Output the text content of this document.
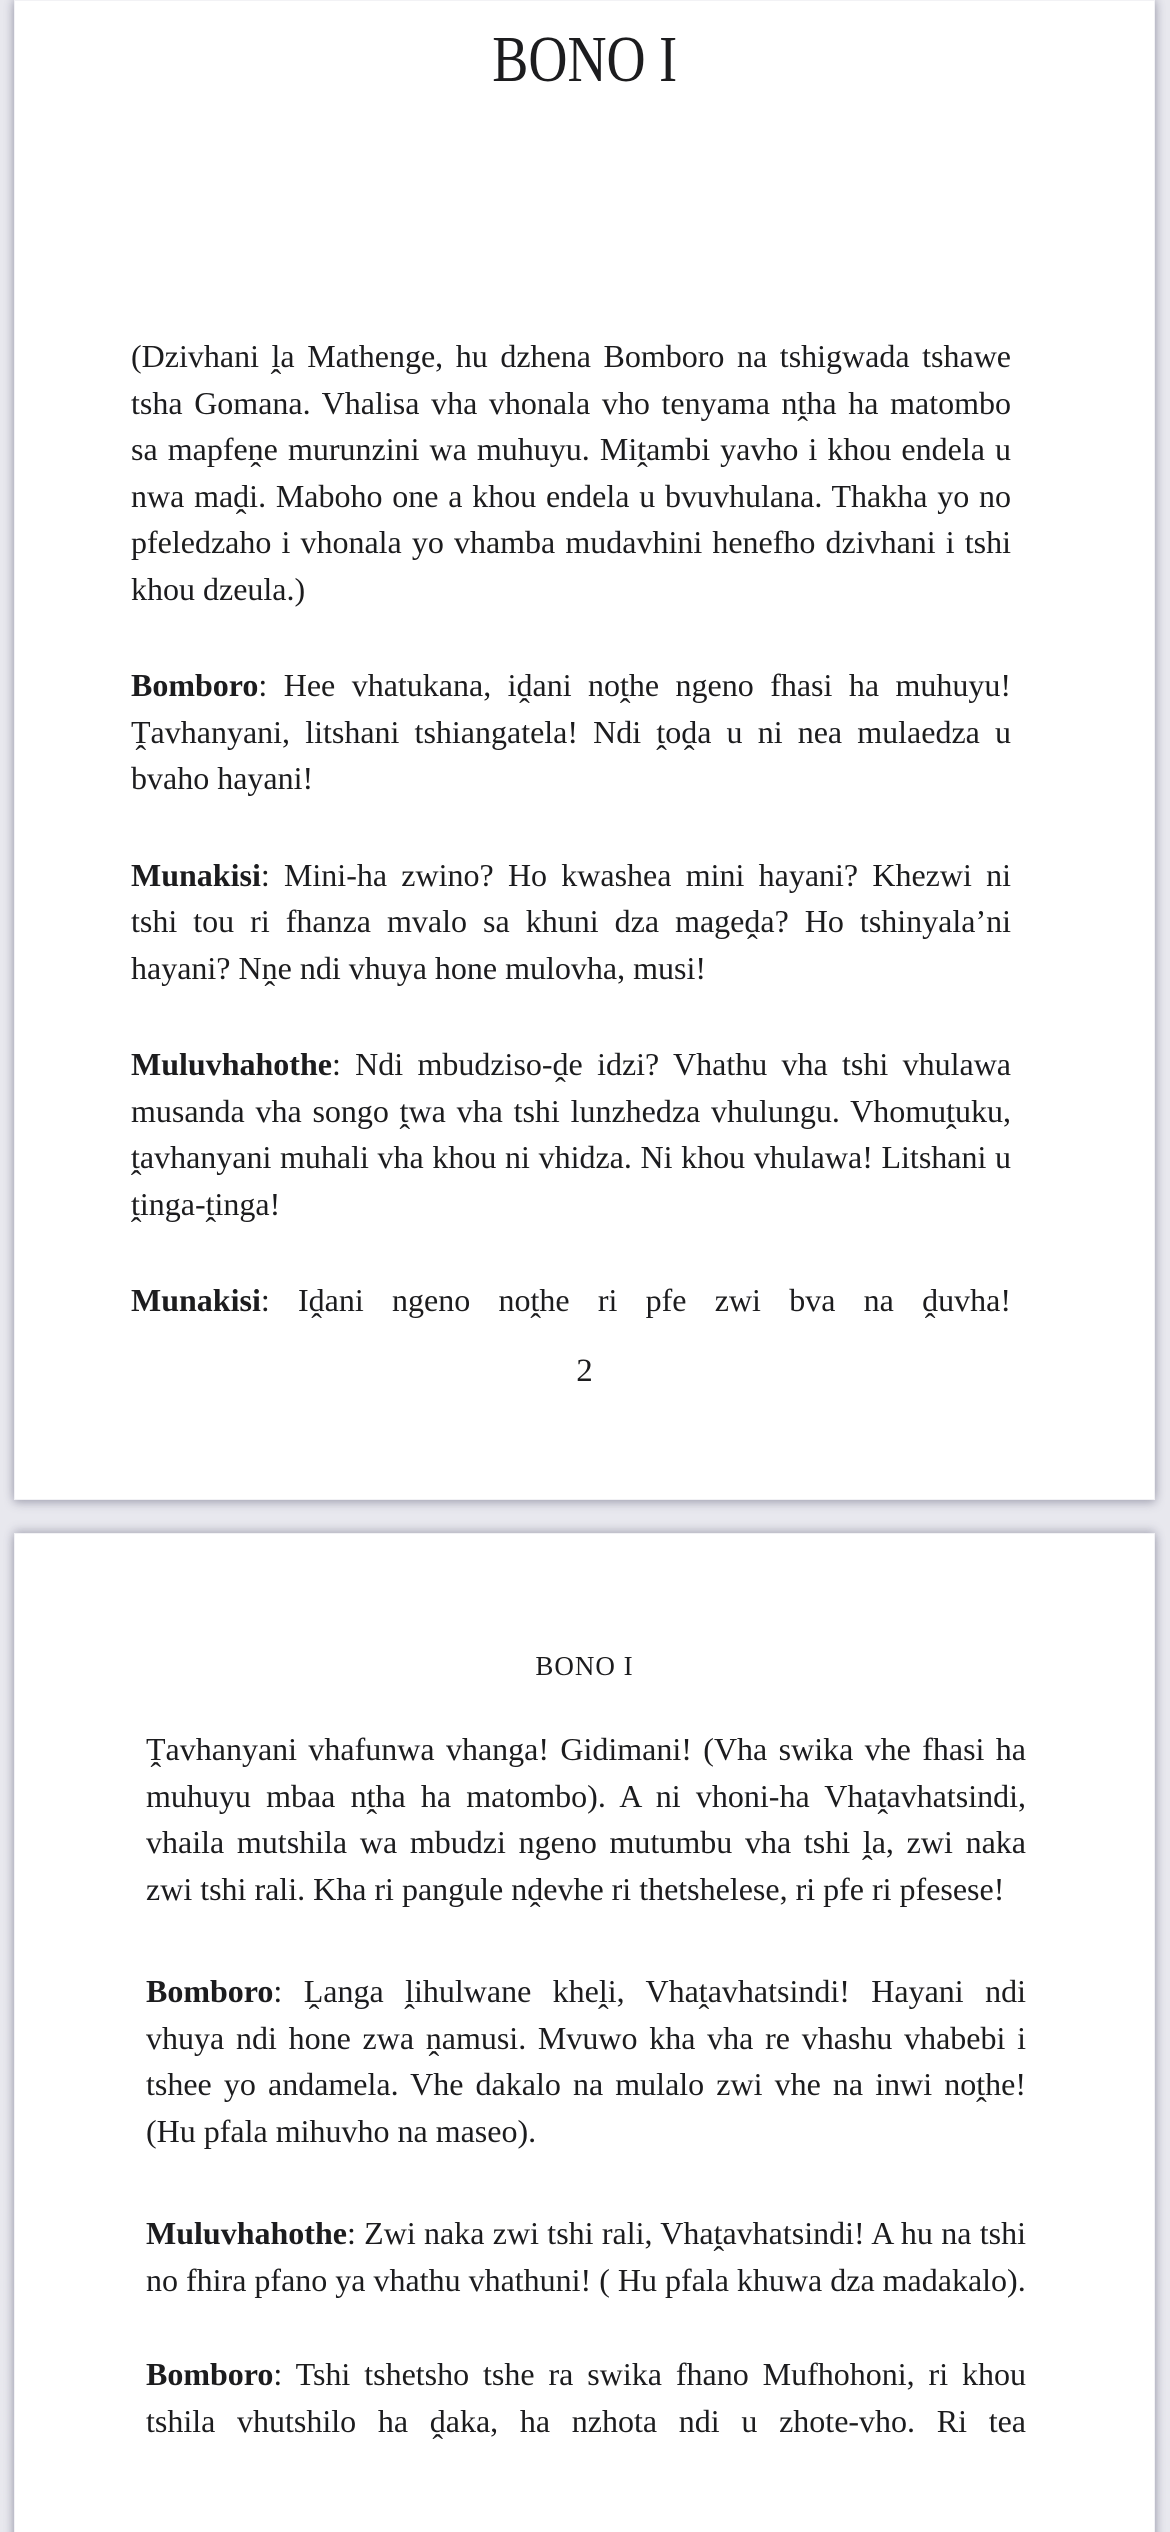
BONO I

(Dzivhani ḽa Mathenge, hu dzhena Bomboro na tshigwada tshawe tsha Gomana. Vhalisa vha vhonala vho tenyama nṱha ha matombo sa mapfeṋe murunzini wa muhuyu. Miṱambi yavho i khou endela u nwa maḓi. Maboho one a khou endela u bvuvhulana. Thakha yo no pfeledzaho i vhonala yo vhamba mudavhini henefho dzivhani i tshi khou dzeula.)

Bomboro: Hee vhatukana, iḓani noṱhe ngeno fhasi ha muhuyu! Ṱavhanyani, litshani tshiangatela! Ndi ṱoḓa u ni nea mulaedza u bvaho hayani!

Munakisi: Mini-ha zwino? Ho kwashea mini hayani? Khezwi ni tshi tou ri fhanza mvalo sa khuni dza mageḓa? Ho tshinyala’ni hayani? Nṋe ndi vhuya hone mulovha, musi!

Muluvhahothe: Ndi mbudziso-ḓe idzi? Vhathu vha tshi vhulawa musanda vha songo ṱwa vha tshi lunzhedza vhulungu. Vhomuṱuku, ṱavhanyani muhali vha khou ni vhidza. Ni khou vhulawa! Litshani u ṱinga-ṱinga!

Munakisi: Iḓani ngeno noṱhe ri pfe zwi bva na ḓuvha!

2

BONO I

Ṱavhanyani vhafunwa vhanga! Gidimani! (Vha swika vhe fhasi ha muhuyu mbaa nṱha ha matombo). A ni vhoni-ha Vhaṱavhatsindi, vhaila mutshila wa mbudzi ngeno mutumbu vha tshi ḽa, zwi naka zwi tshi rali. Kha ri pangule nḓevhe ri thetshelese, ri pfe ri pfesese!

Bomboro: Ḽanga ḽihulwane kheḽi, Vhaṱavhatsindi! Hayani ndi vhuya ndi hone zwa ṋamusi. Mvuwo kha vha re vhashu vhabebi i tshee yo andamela. Vhe dakalo na mulalo zwi vhe na inwi noṱhe! (Hu pfala mihuvho na maseo).

Muluvhahothe: Zwi naka zwi tshi rali, Vhaṱavhatsindi! A hu na tshi no fhira pfano ya vhathu vhathuni! ( Hu pfala khuwa dza madakalo).

Bomboro: Tshi tshetsho tshe ra swika fhano Mufhohoni, ri khou tshila vhutshilo ha ḓaka, ha nzhota ndi u zhote-vho. Ri tea
